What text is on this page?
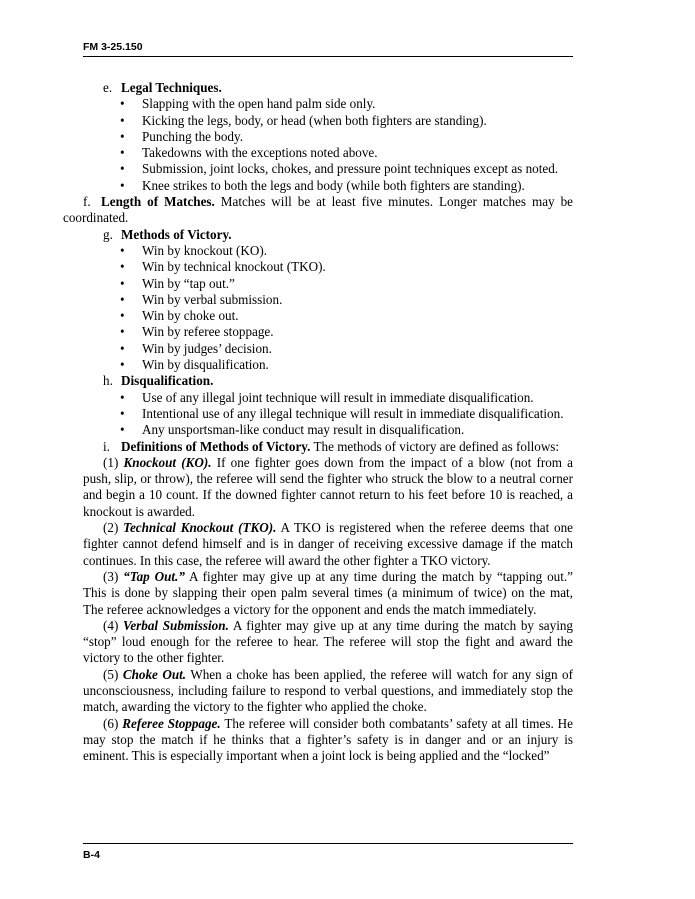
FM 3-25.150

e. Legal Techniques.

• Slapping with the open hand palm side only.
• Kicking the legs, body, or head (when both fighters are standing).
• Punching the body.
• Takedowns with the exceptions noted above.
• Submission, joint locks, chokes, and pressure point techniques except as noted.
• Knee strikes to both the legs and body (while both fighters are standing).

f. Length of Matches. Matches will be at least five minutes. Longer matches may be coordinated.

g. Methods of Victory.

• Win by knockout (KO).
• Win by technical knockout (TKO).
• Win by “tap out.”
• Win by verbal submission.
• Win by choke out.
• Win by referee stoppage.
• Win by judges’ decision.
• Win by disqualification.

h. Disqualification.

• Use of any illegal joint technique will result in immediate disqualification.
• Intentional use of any illegal technique will result in immediate disqualification.
• Any unsportsman-like conduct may result in disqualification.

i. Definitions of Methods of Victory. The methods of victory are defined as follows:

(1) Knockout (KO). If one fighter goes down from the impact of a blow (not from a push, slip, or throw), the referee will send the fighter who struck the blow to a neutral corner and begin a 10 count. If the downed fighter cannot return to his feet before 10 is reached, a knockout is awarded.

(2) Technical Knockout (TKO). A TKO is registered when the referee deems that one fighter cannot defend himself and is in danger of receiving excessive damage if the match continues. In this case, the referee will award the other fighter a TKO victory.

(3) “Tap Out.” A fighter may give up at any time during the match by “tapping out.” This is done by slapping their open palm several times (a minimum of twice) on the mat, The referee acknowledges a victory for the opponent and ends the match immediately.

(4) Verbal Submission. A fighter may give up at any time during the match by saying “stop” loud enough for the referee to hear. The referee will stop the fight and award the victory to the other fighter.

(5) Choke Out. When a choke has been applied, the referee will watch for any sign of unconsciousness, including failure to respond to verbal questions, and immediately stop the match, awarding the victory to the fighter who applied the choke.

(6) Referee Stoppage. The referee will consider both combatants’ safety at all times. He may stop the match if he thinks that a fighter’s safety is in danger and or an injury is eminent. This is especially important when a joint lock is being applied and the “locked”

B-4
